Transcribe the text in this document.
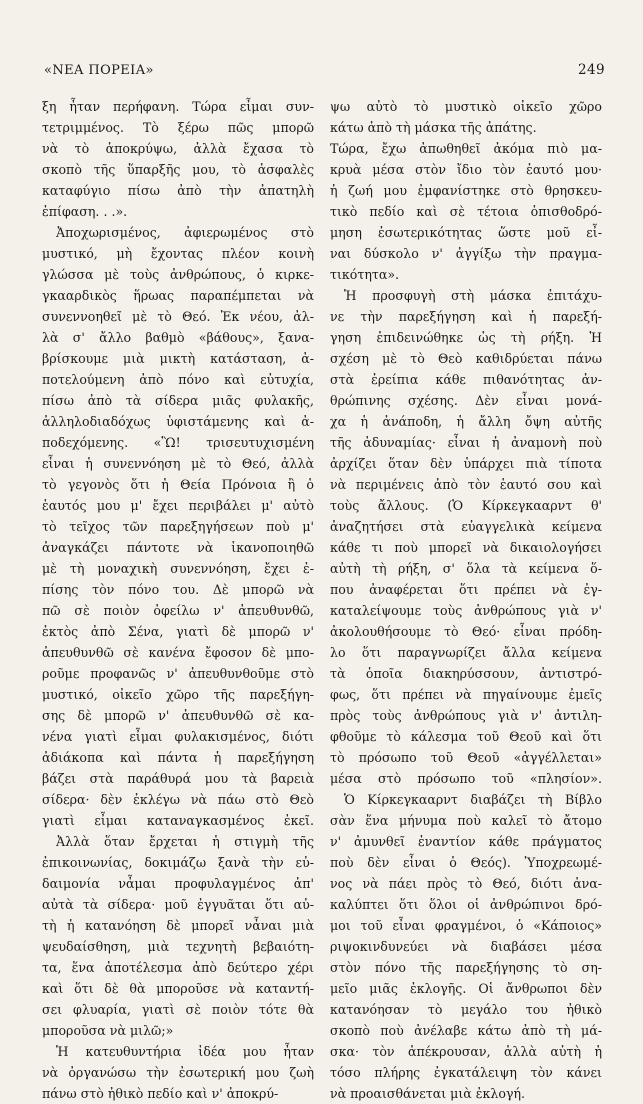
«ΝΕΑ ΠΟΡΕΙΑ»	249
ξη ἦταν περήφανη. Τώρα εἶμαι συν-
τετριμμένος. Τὸ ξέρω πῶς μπορῶ
νὰ τὸ ἀποκρύψω, ἀλλὰ ἔχασα τὸ
σκοπὸ τῆς ὕπαρξῆς μου, τὸ ἀσφαλὲς
καταφύγιο πίσω ἀπὸ τὴν ἀπατηλὴ
ἐπίφαση. . .».
Ἀποχωρισμένος, ἀφιερωμένος στὸ
μυστικό, μὴ ἔχοντας πλέον κοινὴ
γλώσσα μὲ τοὺς ἀνθρώπους, ὁ κιρκε-
γκααρδικὸς ἥρωας παραπέμπεται νὰ
συνεννοηθεῖ μὲ τὸ Θεό. Ἐκ νέου, ἀλ-
λὰ σ' ἄλλο βαθμὸ «βάθους», ξανα-
βρίσκουμε μιὰ μικτὴ κατάσταση, ἀ-
ποτελούμενη ἀπὸ πόνο καὶ εὐτυχία,
πίσω ἀπὸ τὰ σίδερα μιᾶς φυλακῆς,
ἀλληλοδιαδόχως ὑφιστάμενης καὶ ἀ-
ποδεχόμενης. «Ὢ! τρισευτυχισμένη
εἶναι ἡ συνεννόηση μὲ τὸ Θεό, ἀλλὰ
τὸ γεγονὸς ὅτι ἡ Θεία Πρόνοια ἢ ὁ
ἑαυτός μου μ' ἔχει περιβάλει μ' αὐτὸ
τὸ τεῖχος τῶν παρεξηγήσεων ποὺ μ'
ἀναγκάζει πάντοτε νὰ ἱκανοποιηθῶ
μὲ τὴ μοναχικὴ συνεννόηση, ἔχει ἐ-
πίσης τὸν πόνο του. Δὲ μπορῶ νὰ
πῶ σὲ ποιὸν ὀφείλω ν' ἀπευθυνθῶ,
ἐκτὸς ἀπὸ Σένα, γιατὶ δὲ μπορῶ ν'
ἀπευθυνθῶ σὲ κανένα ἔφοσον δὲ μπο-
ροῦμε προφανῶς ν' ἀπευθυνθοῦμε στὸ
μυστικό, οἰκεῖο χῶρο τῆς παρεξήγη-
σης δὲ μπορῶ ν' ἀπευθυνθῶ σὲ κα-
νένα γιατὶ εἶμαι φυλακισμένος, διότι
ἀδιάκοπα καὶ πάντα ἡ παρεξήγηση
βάζει στὰ παράθυρά μου τὰ βαρειὰ
σίδερα· δὲν ἐκλέγω νὰ πάω στὸ Θεὸ
γιατὶ εἶμαι καταναγκασμένος ἐκεῖ.
Ἀλλὰ ὅταν ἔρχεται ἡ στιγμὴ τῆς
ἐπικοινωνίας, δοκιμάζω ξανὰ τὴν εὐ-
δαιμονία νἆμαι προφυλαγμένος ἀπ'
αὐτὰ τὰ σίδερα· μοῦ ἐγγυᾶται ὅτι αὐ-
τὴ ἡ κατανόηση δὲ μπορεῖ νἆναι μιὰ
ψευδαίσθηση, μιὰ τεχνητὴ βεβαιότη-
τα, ἕνα ἀποτέλεσμα ἀπὸ δεύτερο χέρι
καὶ ὅτι δὲ θὰ μποροῦσε νὰ καταντή-
σει φλυαρία, γιατὶ σὲ ποιὸν τότε θὰ
μποροῦσα νὰ μιλῶ;»
Ἡ κατευθυντήρια ἰδέα μου ἦταν
νὰ ὀργανώσω τὴν ἐσωτερική μου ζωὴ
πάνω στὸ ἠθικὸ πεδίο καὶ ν' ἀποκρύ-
ψω αὐτὸ τὸ μυστικὸ οἰκεῖο χῶρο
κάτω ἀπὸ τὴ μάσκα τῆς ἀπάτης.
Τώρα, ἔχω ἀπωθηθεῖ ἀκόμα πιὸ μα-
κρυὰ μέσα στὸν ἴδιο τὸν ἑαυτό μου·
ἡ ζωή μου ἐμφανίστηκε στὸ θρησκευ-
τικὸ πεδίο καὶ σὲ τέτοια ὁπισθοδρό-
μηση ἐσωτερικότητας ὥστε μοῦ εἶ-
ναι δύσκολο ν' ἀγγίξω τὴν πραγμα-
τικότητα».
Ἡ προσφυγὴ στὴ μάσκα ἐπιτάχυ-
νε τὴν παρεξήγηση καὶ ἡ παρεξή-
γηση ἐπιδεινώθηκε ὡς τὴ ρήξη. Ἡ
σχέση μὲ τὸ Θεὸ καθιδρύεται πάνω
στὰ ἐρείπια κάθε πιθανότητας ἀν-
θρώπινης σχέσης. Δὲν εἶναι μονά-
χα ἡ ἀνάποδη, ἡ ἄλλη ὄψη αὐτῆς
τῆς ἀδυναμίας· εἶναι ἡ ἀναμονὴ ποὺ
ἀρχίζει ὅταν δὲν ὑπάρχει πιὰ τίποτα
νὰ περιμένεις ἀπὸ τὸν ἑαυτό σου καὶ
τοὺς ἄλλους. (Ὁ Κίρκεγκααρντ θ'
ἀναζητήσει στὰ εὐαγγελικὰ κείμενα
κάθε τι ποὺ μπορεῖ νὰ δικαιολογήσει
αὐτὴ τὴ ρήξη, σ' ὅλα τὰ κείμενα ὅ-
που ἀναφέρεται ὅτι πρέπει νὰ ἐγ-
καταλείψουμε τοὺς ἀνθρώπους γιὰ ν'
ἀκολουθήσουμε τὸ Θεό· εἶναι πρόδη-
λο ὅτι παραγνωρίζει ἄλλα κείμενα
τὰ ὁποῖα διακηρύσσουν, ἀντιστρό-
φως, ὅτι πρέπει νὰ πηγαίνουμε ἐμεῖς
πρὸς τοὺς ἀνθρώπους γιὰ ν' ἀντιλη-
φθοῦμε τὸ κάλεσμα τοῦ Θεοῦ καὶ ὅτι
τὸ πρόσωπο τοῦ Θεοῦ «ἀγγέλλεται»
μέσα στὸ πρόσωπο τοῦ «πλησίον».
Ὁ Κίρκεγκααρντ διαβάζει τὴ Βίβλο
σὰν ἕνα μήνυμα ποὺ καλεῖ τὸ ἄτομο
ν' ἀμυνθεῖ ἐναντίον κάθε πράγματος
ποὺ δὲν εἶναι ὁ Θεός). Ὑποχρεωμέ-
νος νὰ πάει πρὸς τὸ Θεό, διότι ἀνα-
καλύπτει ὅτι ὅλοι οἱ ἀνθρώπινοι δρό-
μοι τοῦ εἶναι φραγμένοι, ὁ «Κάποιος»
ριψοκινδυνεύει νὰ διαβάσει μέσα
στὸν πόνο τῆς παρεξήγησης τὸ ση-
μεῖο μιᾶς ἐκλογῆς. Οἱ ἄνθρωποι δὲν
κατανόησαν τὸ μεγάλο του ἠθικὸ
σκοπὸ ποὺ ἀνέλαβε κάτω ἀπὸ τὴ μά-
σκα· τὸν ἀπέκρουσαν, ἀλλὰ αὐτὴ ἡ
τόσο πλήρης ἐγκατάλειψη τὸν κάνει
νὰ προαισθάνεται μιὰ ἐκλογή.
